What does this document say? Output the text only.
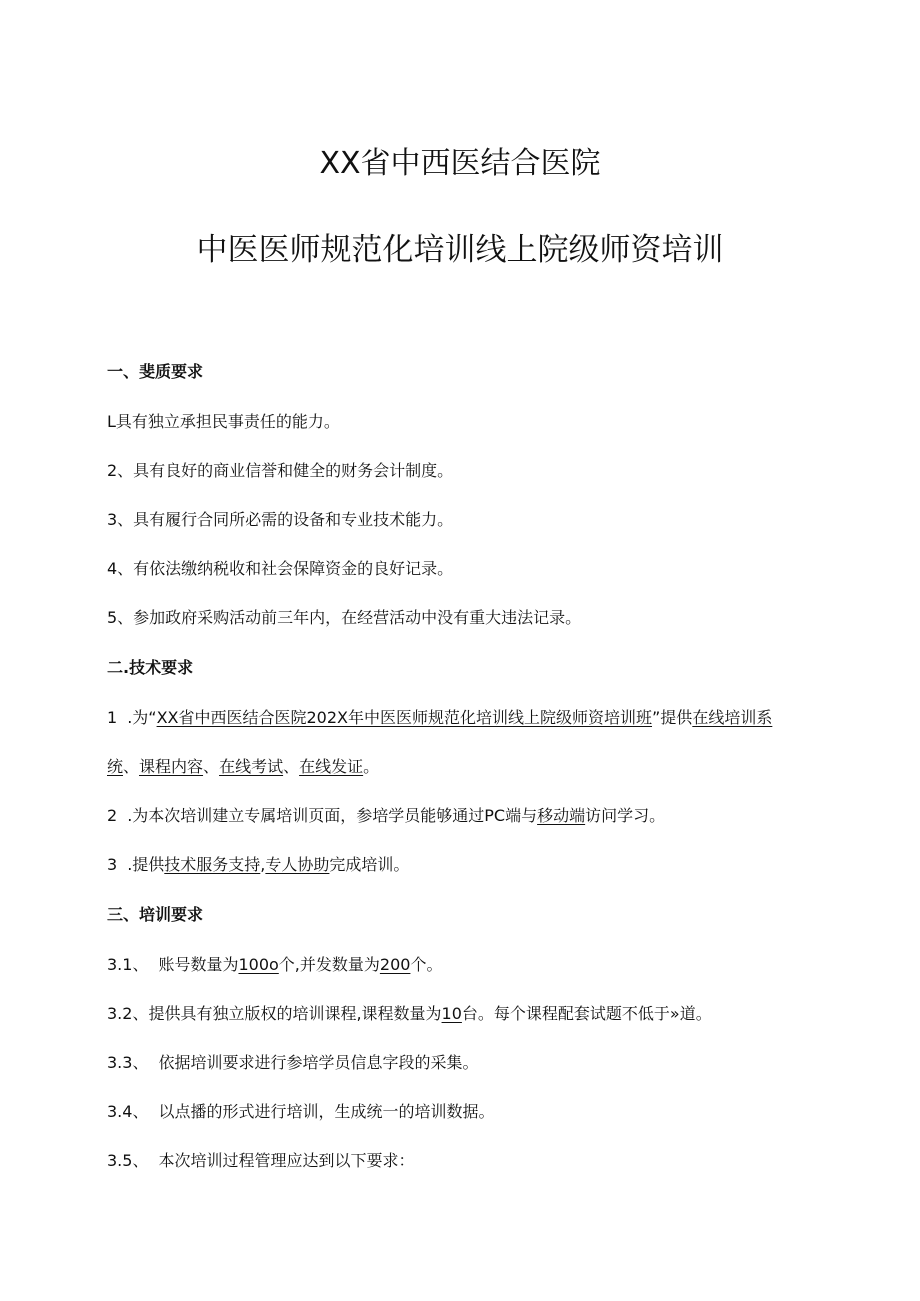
XX省中西医结合医院
中医医师规范化培训线上院级师资培训
一、斐质要求
L具有独立承担民事责任的能力。
2、具有良好的商业信誉和健全的财务会计制度。
3、具有履行合同所必需的设备和专业技术能力。
4、有依法缴纳税收和社会保障资金的良好记录。
5、参加政府采购活动前三年内，在经营活动中没有重大违法记录。
二.技术要求
1 .为“XX省中西医结合医院202X年中医医师规范化培训线上院级师资培训班”提供在线培训系
统、课程内容、在线考试、在线发证。
2 .为本次培训建立专属培训页面，参培学员能够通过PC端与移动端访问学习。
3 .提供技术服务支持,专人协助完成培训。
三、培训要求
3.1、 账号数量为100o个,并发数量为200个。
3.2、提供具有独立版权的培训课程,课程数量为10台。每个课程配套试题不低于»道。
3.3、 依据培训要求进行参培学员信息字段的采集。
3.4、 以点播的形式进行培训，生成统一的培训数据。
3.5、 本次培训过程管理应达到以下要求：
